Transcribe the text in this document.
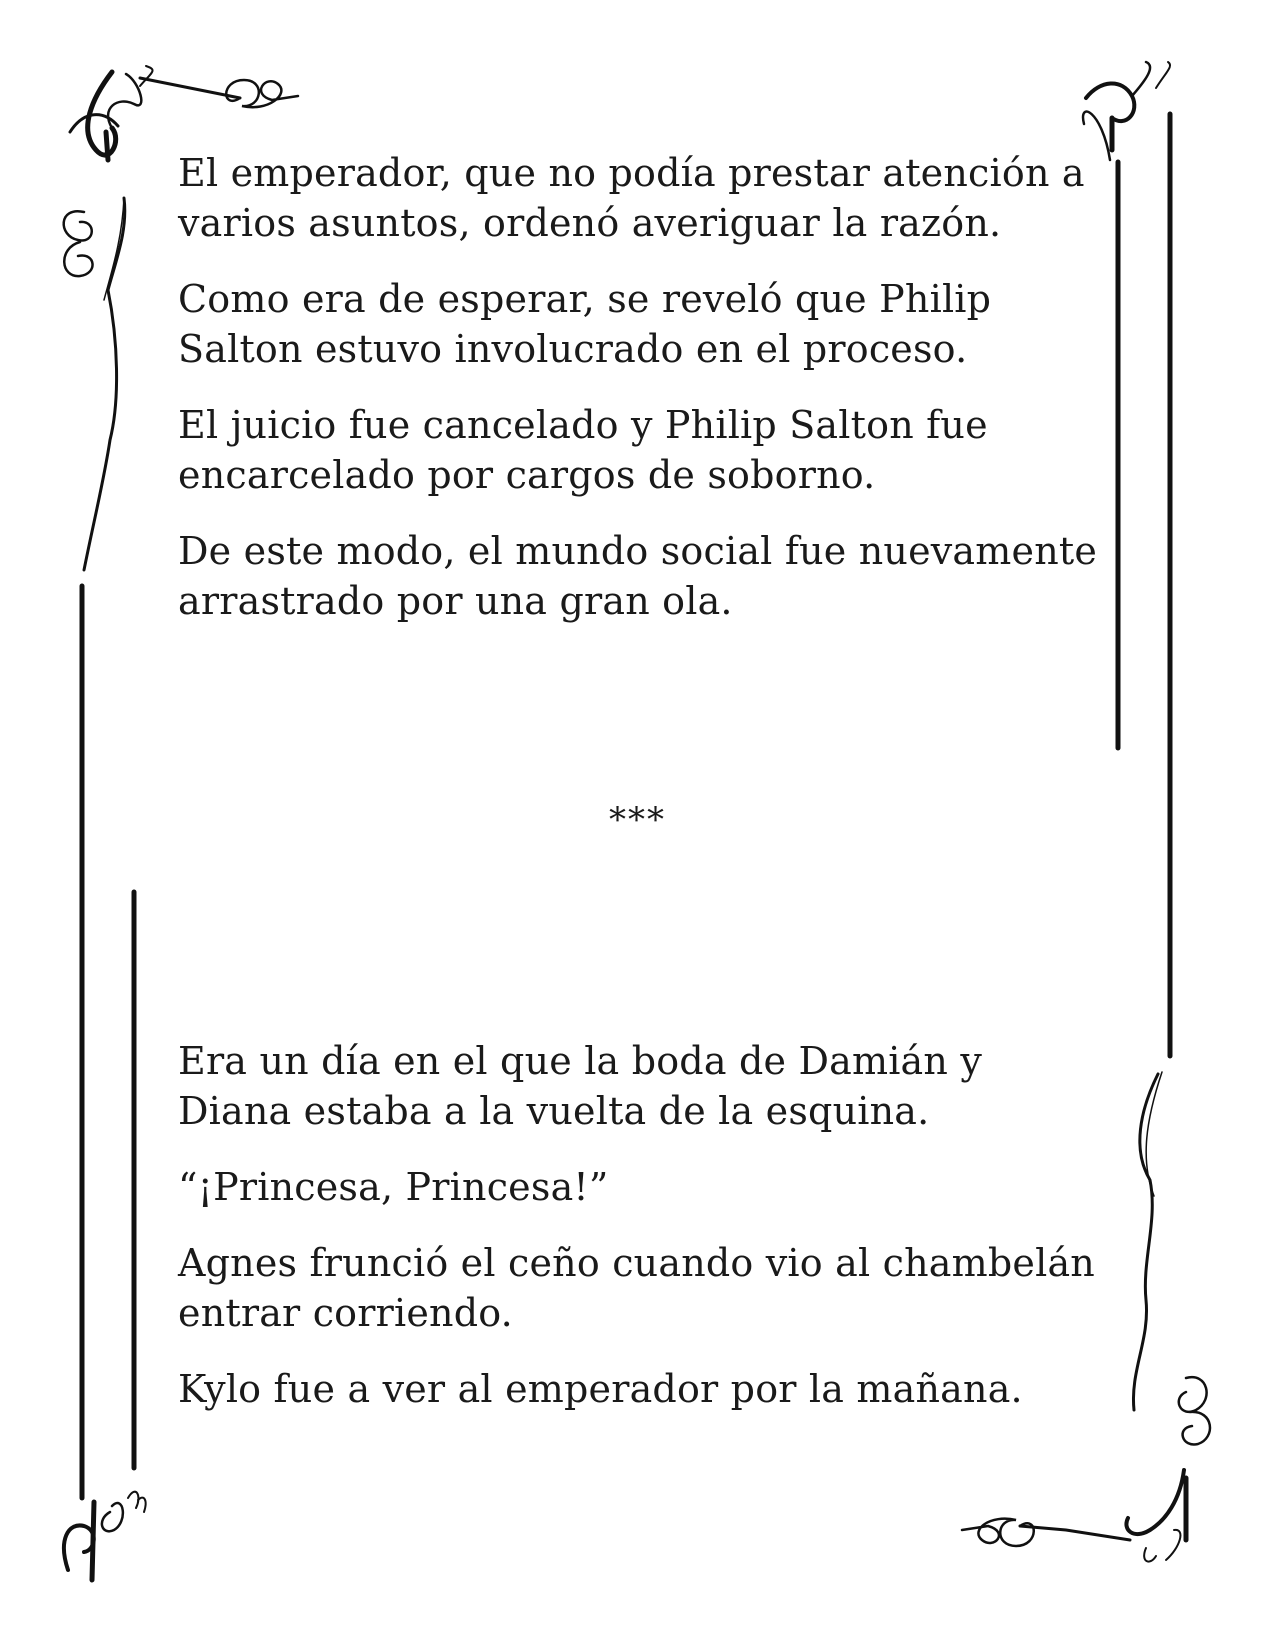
El emperador, que no podía prestar atención a
varios asuntos, ordenó averiguar la razón.

Como era de esperar, se reveló que Philip
Salton estuvo involucrado en el proceso.

El juicio fue cancelado y Philip Salton fue
encarcelado por cargos de soborno.

De este modo, el mundo social fue nuevamente
arrastrado por una gran ola.

***

Era un día en el que la boda de Damián y
Diana estaba a la vuelta de la esquina.

“¡Princesa, Princesa!”

Agnes frunció el ceño cuando vio al chambelán
entrar corriendo.

Kylo fue a ver al emperador por la mañana.
